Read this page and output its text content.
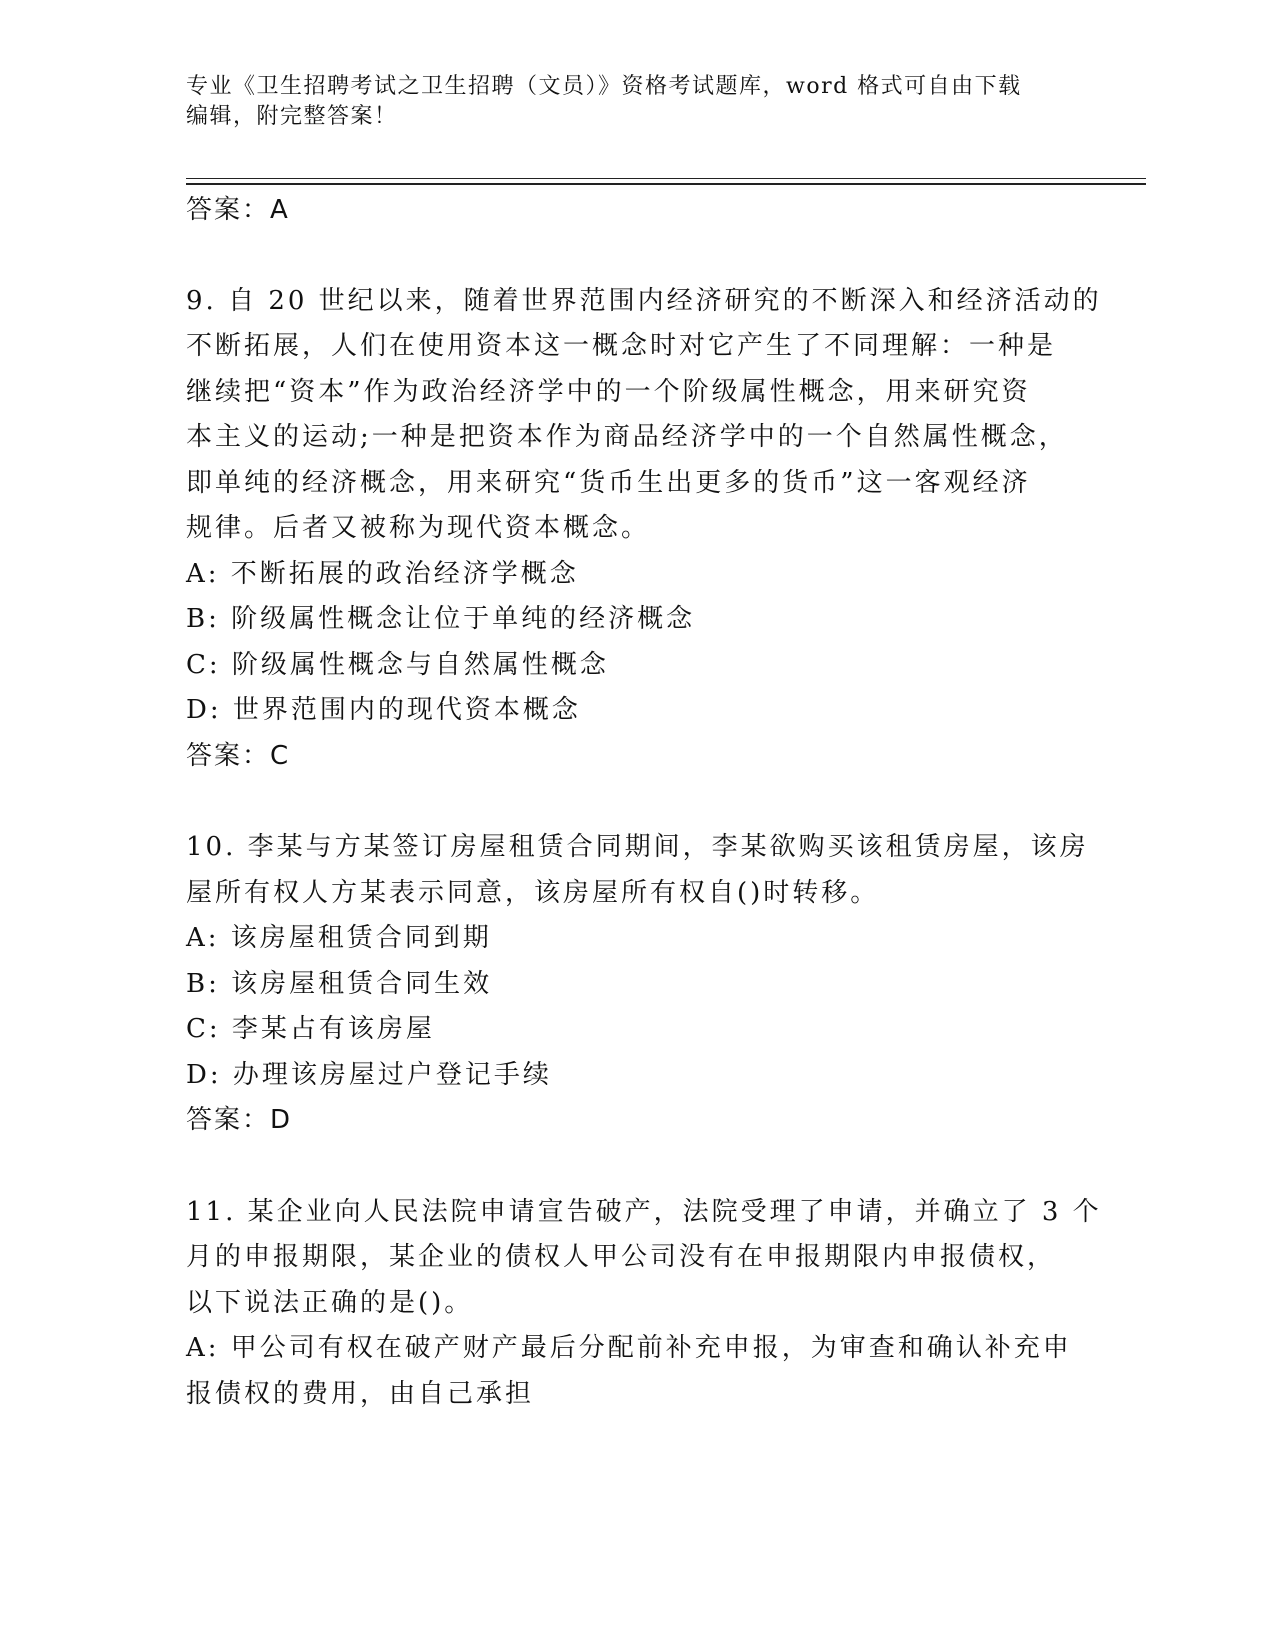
专业《卫生招聘考试之卫生招聘（文员）》资格考试题库，word 格式可自由下载
编辑，附完整答案！
答案：A
9. 自 20 世纪以来，随着世界范围内经济研究的不断深入和经济活动的
不断拓展，人们在使用资本这一概念时对它产生了不同理解：一种是
继续把“资本”作为政治经济学中的一个阶级属性概念，用来研究资
本主义的运动;一种是把资本作为商品经济学中的一个自然属性概念，
即单纯的经济概念，用来研究“货币生出更多的货币”这一客观经济
规律。后者又被称为现代资本概念。
A: 不断拓展的政治经济学概念
B: 阶级属性概念让位于单纯的经济概念
C: 阶级属性概念与自然属性概念
D: 世界范围内的现代资本概念
答案：C
10. 李某与方某签订房屋租赁合同期间，李某欲购买该租赁房屋，该房
屋所有权人方某表示同意，该房屋所有权自()时转移。
A: 该房屋租赁合同到期
B: 该房屋租赁合同生效
C: 李某占有该房屋
D: 办理该房屋过户登记手续
答案：D
11. 某企业向人民法院申请宣告破产，法院受理了申请，并确立了 3 个
月的申报期限，某企业的债权人甲公司没有在申报期限内申报债权，
以下说法正确的是()。
A: 甲公司有权在破产财产最后分配前补充申报，为审查和确认补充申
报债权的费用，由自己承担
